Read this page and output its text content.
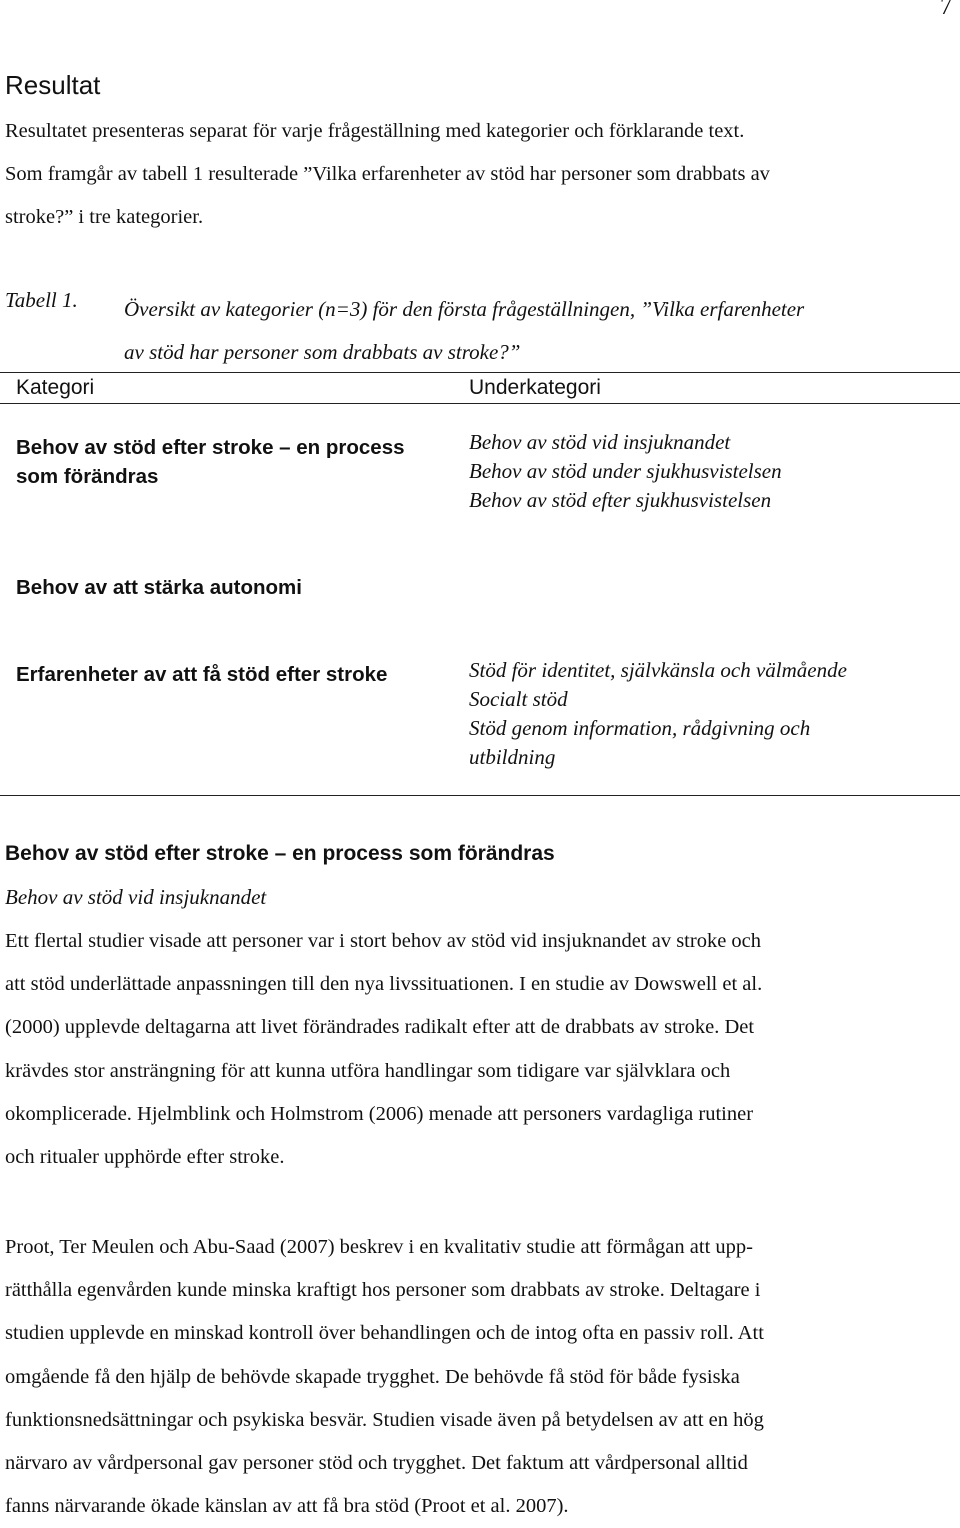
7
Resultat
Resultatet presenteras separat för varje frågeställning med kategorier och förklarande text.
Som framgår av tabell 1 resulterade ”Vilka erfarenheter av stöd har personer som drabbats av
stroke?” i tre kategorier.
Tabell 1. Översikt av kategorier (n=3) för den första frågeställningen, ”Vilka erfarenheter
av stöd har personer som drabbats av stroke?”
Kategori	Underkategori
Behov av stöd efter stroke – en process
som förändras
Behov av stöd vid insjuknandet
Behov av stöd under sjukhusvistelsen
Behov av stöd efter sjukhusvistelsen
Behov av att stärka autonomi
Erfarenheter av att få stöd efter stroke	Stöd för identitet, självkänsla och välmående
Socialt stöd
Stöd genom information, rådgivning och
utbildning
Behov av stöd efter stroke – en process som förändras
Behov av stöd vid insjuknandet
Ett flertal studier visade att personer var i stort behov av stöd vid insjuknandet av stroke och
att stöd underlättade anpassningen till den nya livssituationen. I en studie av Dowswell et al.
(2000) upplevde deltagarna att livet förändrades radikalt efter att de drabbats av stroke. Det
krävdes stor ansträngning för att kunna utföra handlingar som tidigare var självklara och
okomplicerade. Hjelmblink och Holmstrom (2006) menade att personers vardagliga rutiner
och ritualer upphörde efter stroke.
Proot, Ter Meulen och Abu-Saad (2007) beskrev i en kvalitativ studie att förmågan att upp-
rätthålla egenvården kunde minska kraftigt hos personer som drabbats av stroke. Deltagare i
studien upplevde en minskad kontroll över behandlingen och de intog ofta en passiv roll. Att
omgående få den hjälp de behövde skapade trygghet. De behövde få stöd för både fysiska
funktionsnedsättningar och psykiska besvär. Studien visade även på betydelsen av att en hög
närvaro av vårdpersonal gav personer stöd och trygghet. Det faktum att vårdpersonal alltid
fanns närvarande ökade känslan av att få bra stöd (Proot et al. 2007).
